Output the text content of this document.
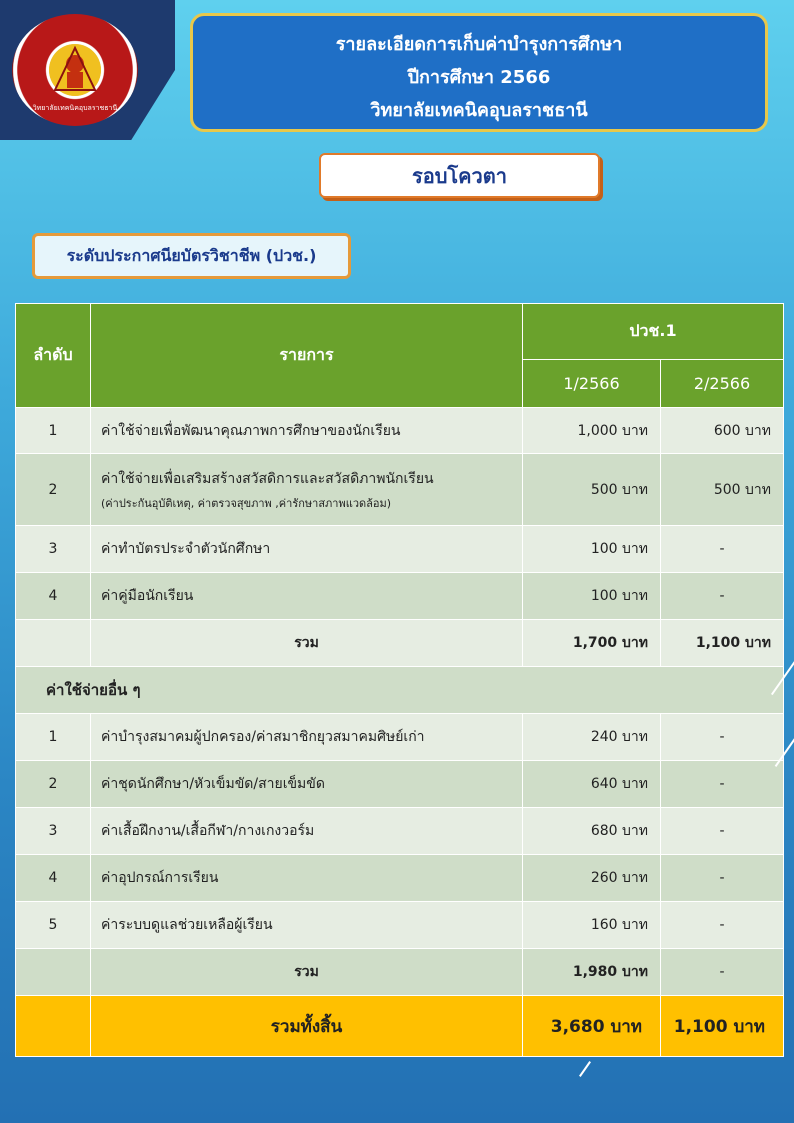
วิทยาลัยเทคนิคอุบลราชธานี
รายละเอียดการเก็บค่าบำรุงการศึกษา
ปีการศึกษา 2566
วิทยาลัยเทคนิคอุบลราชธานี
รอบโควตา
ระดับประกาศนียบัตรวิชาชีพ (ปวช.)
ลำดับ	รายการ	ปวช.1	
		1/2566	2/2566
1	ค่าใช้จ่ายเพื่อพัฒนาคุณภาพการศึกษาของนักเรียน	1,000 บาท	600 บาท
2	ค่าใช้จ่ายเพื่อเสริมสร้างสวัสดิการและสวัสดิภาพนักเรียน
(ค่าประกันอุบัติเหตุ, ค่าตรวจสุขภาพ ,ค่ารักษาสภาพแวดล้อม)	500 บาท	500 บาท
3	ค่าทำบัตรประจำตัวนักศึกษา	100 บาท	-
4	ค่าคู่มือนักเรียน	100 บาท	-
	รวม	1,700 บาท	1,100 บาท
ค่าใช้จ่ายอื่น ๆ			
1	ค่าบำรุงสมาคมผู้ปกครอง/ค่าสมาชิกยุวสมาคมศิษย์เก่า	240 บาท	-
2	ค่าชุดนักศึกษา/หัวเข็มขัด/สายเข็มขัด	640 บาท	-
3	ค่าเสื้อฝึกงาน/เสื้อกีฬา/กางเกงวอร์ม	680 บาท	-
4	ค่าอุปกรณ์การเรียน	260 บาท	-
5	ค่าระบบดูแลช่วยเหลือผู้เรียน	160 บาท	-
	รวม	1,980 บาท	-
	รวมทั้งสิ้น	3,680 บาท	1,100 บาท
